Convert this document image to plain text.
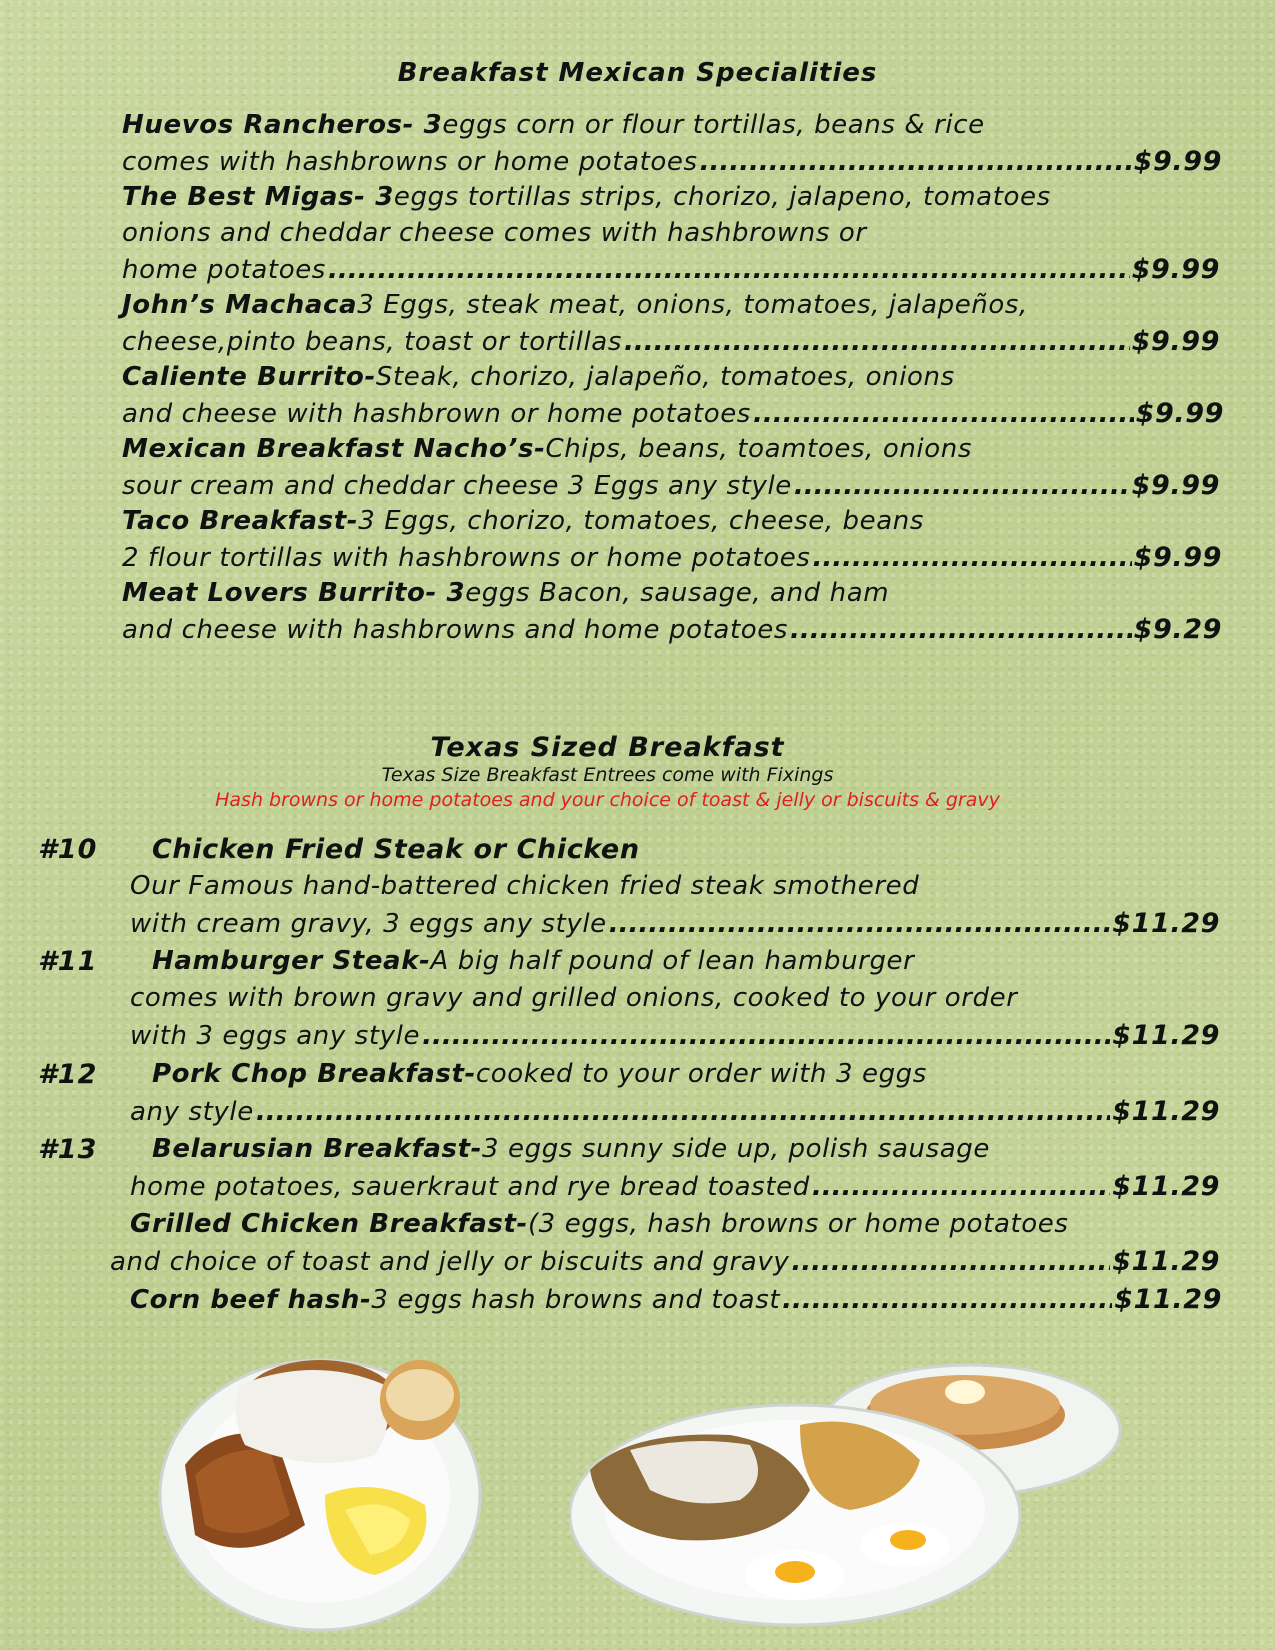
Breakfast Mexican Specialities
Huevos Rancheros- 3 eggs corn or flour tortillas, beans & rice
comes with hashbrowns or home potatoes .....	$9.99
The Best Migas- 3 eggs tortillas strips, chorizo, jalapeno, tomatoes
onions and cheddar cheese comes with hashbrowns or
home potatoes .....	$9.99
John’s Machaca 3 Eggs, steak meat, onions, tomatoes, jalapeños,
cheese,pinto beans, toast or tortillas .....	$9.99
Caliente Burrito- Steak, chorizo, jalapeño, tomatoes, onions
and cheese with hashbrown or home potatoes .....	$9.99
Mexican Breakfast Nacho’s- Chips, beans, toamtoes, onions
sour cream and cheddar cheese 3 Eggs any style .....	$9.99
Taco Breakfast- 3 Eggs, chorizo, tomatoes, cheese, beans
2 flour tortillas with hashbrowns or home potatoes .....	$9.99
Meat Lovers Burrito- 3 eggs Bacon, sausage, and ham
and cheese with hashbrowns and home potatoes .....	$9.29
Texas Sized Breakfast
Texas Size Breakfast Entrees come with Fixings
Hash browns or home potatoes and your choice of toast & jelly or biscuits & gravy
#10 Chicken Fried Steak or Chicken
Our Famous hand-battered chicken fried steak smothered
with cream gravy, 3 eggs any style .....	$11.29
#11 Hamburger Steak- A big half pound of lean hamburger
comes with brown gravy and grilled onions, cooked to your order
with 3 eggs any style .....	$11.29
#12 Pork Chop Breakfast- cooked to your order with 3 eggs
any style .....	$11.29
#13 Belarusian Breakfast- 3 eggs sunny side up, polish sausage
home potatoes, sauerkraut and rye bread toasted .....	$11.29
Grilled Chicken Breakfast- (3 eggs, hash browns or home potatoes
and choice of toast and jelly or biscuits and gravy .....	$11.29
Corn beef hash- 3 eggs hash browns and toast .....	$11.29
